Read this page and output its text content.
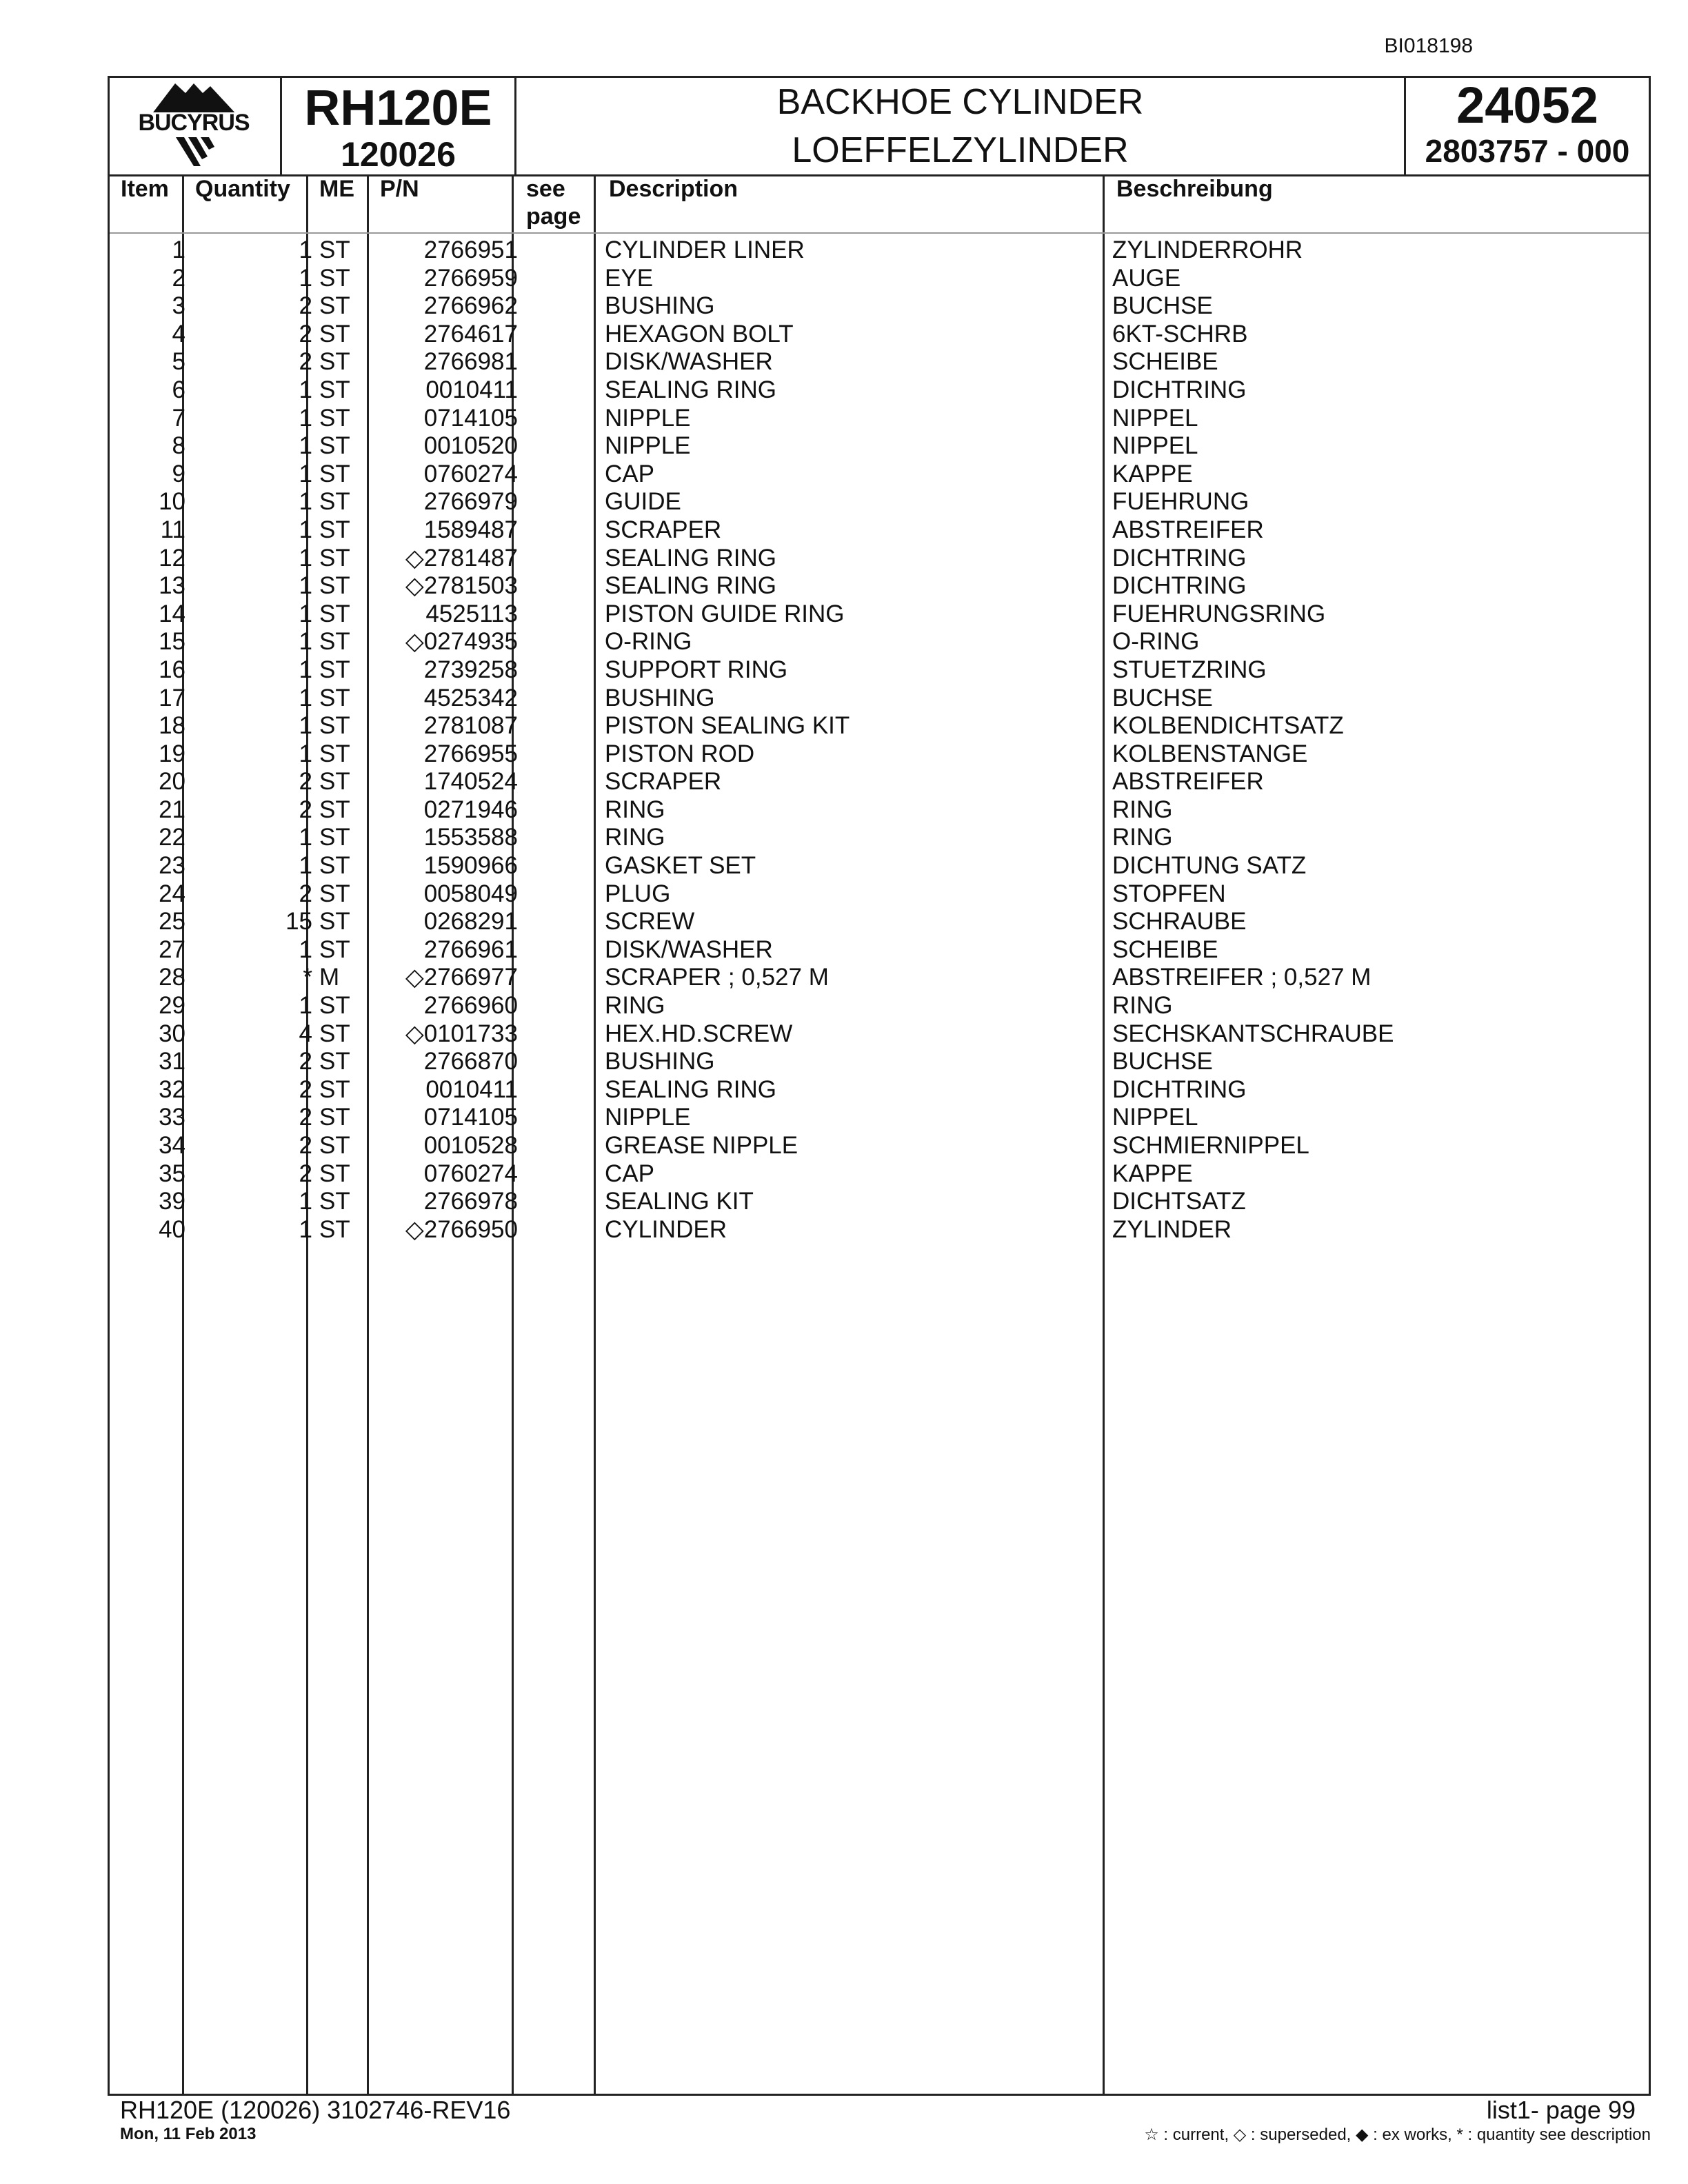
BI018198
BUCYRUS	RH120E
120026
BACKHOE CYLINDER
LOEFFELZYLINDER
24052
2803757 - 000
Item Quantity ME P/N	see
page
Description	Beschreibung
1	1 ST	2766951	CYLINDER LINER	ZYLINDERROHR
2	1 ST	2766959	EYE	AUGE
3	2 ST	2766962	BUSHING	BUCHSE
4	2 ST	2764617	HEXAGON BOLT	6KT-SCHRB
5	2 ST	2766981	DISK/WASHER	SCHEIBE
6	1 ST	0010411	SEALING RING	DICHTRING
7	1 ST	0714105	NIPPLE	NIPPEL
8	1 ST	0010520	NIPPLE	NIPPEL
9	1 ST	0760274	CAP	KAPPE
10	1 ST	2766979	GUIDE	FUEHRUNG
11	1 ST	1589487	SCRAPER	ABSTREIFER
12	1 ST ◇2781487	SEALING RING	DICHTRING
13	1 ST ◇2781503	SEALING RING	DICHTRING
14	1 ST	4525113	PISTON GUIDE RING	FUEHRUNGSRING
15	1 ST ◇0274935	O-RING	O-RING
16	1 ST	2739258	SUPPORT RING	STUETZRING
17	1 ST	4525342	BUSHING	BUCHSE
18	1 ST	2781087	PISTON SEALING KIT	KOLBENDICHTSATZ
19	1 ST	2766955	PISTON ROD	KOLBENSTANGE
20	2 ST	1740524	SCRAPER	ABSTREIFER
21	2 ST	0271946	RING	RING
22	1 ST	1553588	RING	RING
23	1 ST	1590966	GASKET SET	DICHTUNG SATZ
24	2 ST	0058049	PLUG	STOPFEN
25	15 ST	0268291	SCREW	SCHRAUBE
27	1 ST	2766961	DISK/WASHER	SCHEIBE
28	* M	◇2766977	SCRAPER ; 0,527 M	ABSTREIFER ; 0,527 M
29	1 ST	2766960	RING	RING
30	4 ST ◇0101733	HEX.HD.SCREW	SECHSKANTSCHRAUBE
31	2 ST	2766870	BUSHING	BUCHSE
32	2 ST	0010411	SEALING RING	DICHTRING
33	2 ST	0714105	NIPPLE	NIPPEL
34	2 ST	0010528	GREASE NIPPLE	SCHMIERNIPPEL
35	2 ST	0760274	CAP	KAPPE
39	1 ST	2766978	SEALING KIT	DICHTSATZ
40	1 ST ◇2766950	CYLINDER	ZYLINDER
RH120E (120026) 3102746-REV16
Mon, 11 Feb 2013
list1- page 99
☆ : current, ◇ : superseded, ◆ : ex works, * : quantity see description
